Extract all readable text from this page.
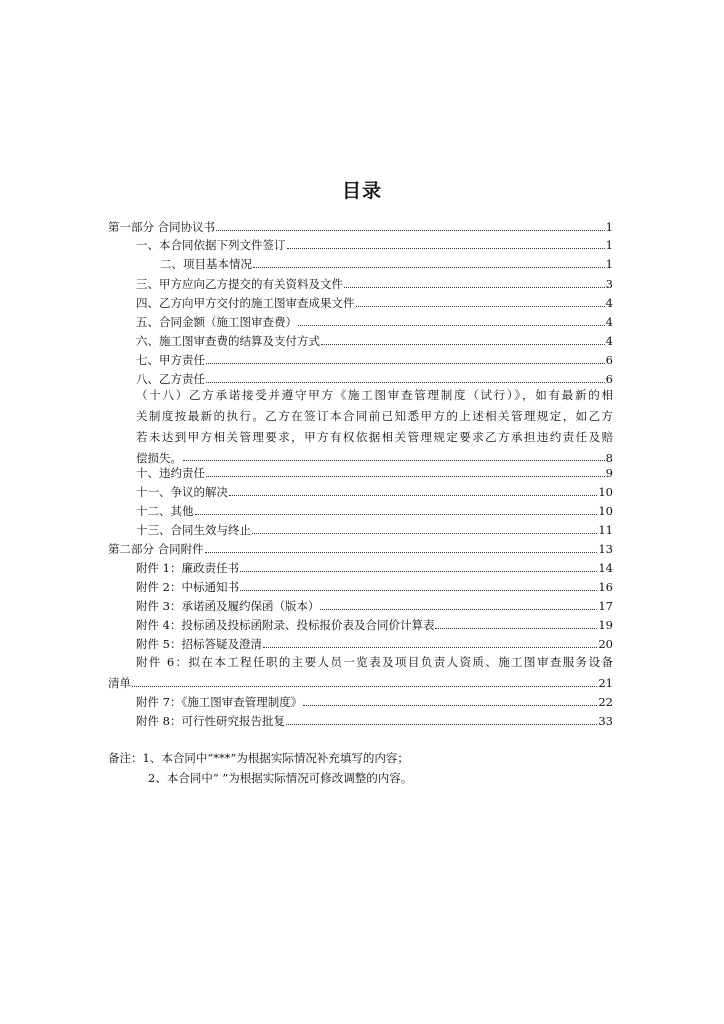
目录
第一部分 合同协议书	1
一、本合同依据下列文件签订	1
二、项目基本情况	1
三、甲方应向乙方提交的有关资料及文件	3
四、乙方向甲方交付的施工图审查成果文件	4
五、合同金额（施工图审查费）	4
六、施工图审查费的结算及支付方式	4
七、甲方责任	6
八、乙方责任	6
（十八）乙方承诺接受并遵守甲方《施工图审查管理制度（试行）》，如有最新的相
关制度按最新的执行。乙方在签订本合同前已知悉甲方的上述相关管理规定，如乙方
若未达到甲方相关管理要求，甲方有权依据相关管理规定要求乙方承担违约责任及赔
偿损失。	8
十、违约责任	9
十一、争议的解决	10
十二、其他	10
十三、合同生效与终止	11
第二部分 合同附件	13
附件 1：廉政责任书	14
附件 2：中标通知书	16
附件 3：承诺函及履约保函（版本）	17
附件 4：投标函及投标函附录、投标报价表及合同价计算表	19
附件 5：招标答疑及澄清	20
附件 6：拟在本工程任职的主要人员一览表及项目负责人资质、施工图审查服务设备
清单	21
附件 7：《施工图审查管理制度》	22
附件 8：可行性研究报告批复	33
备注：1、本合同中“***”为根据实际情况补充填写的内容；
2、本合同中“ ”为根据实际情况可修改调整的内容。
